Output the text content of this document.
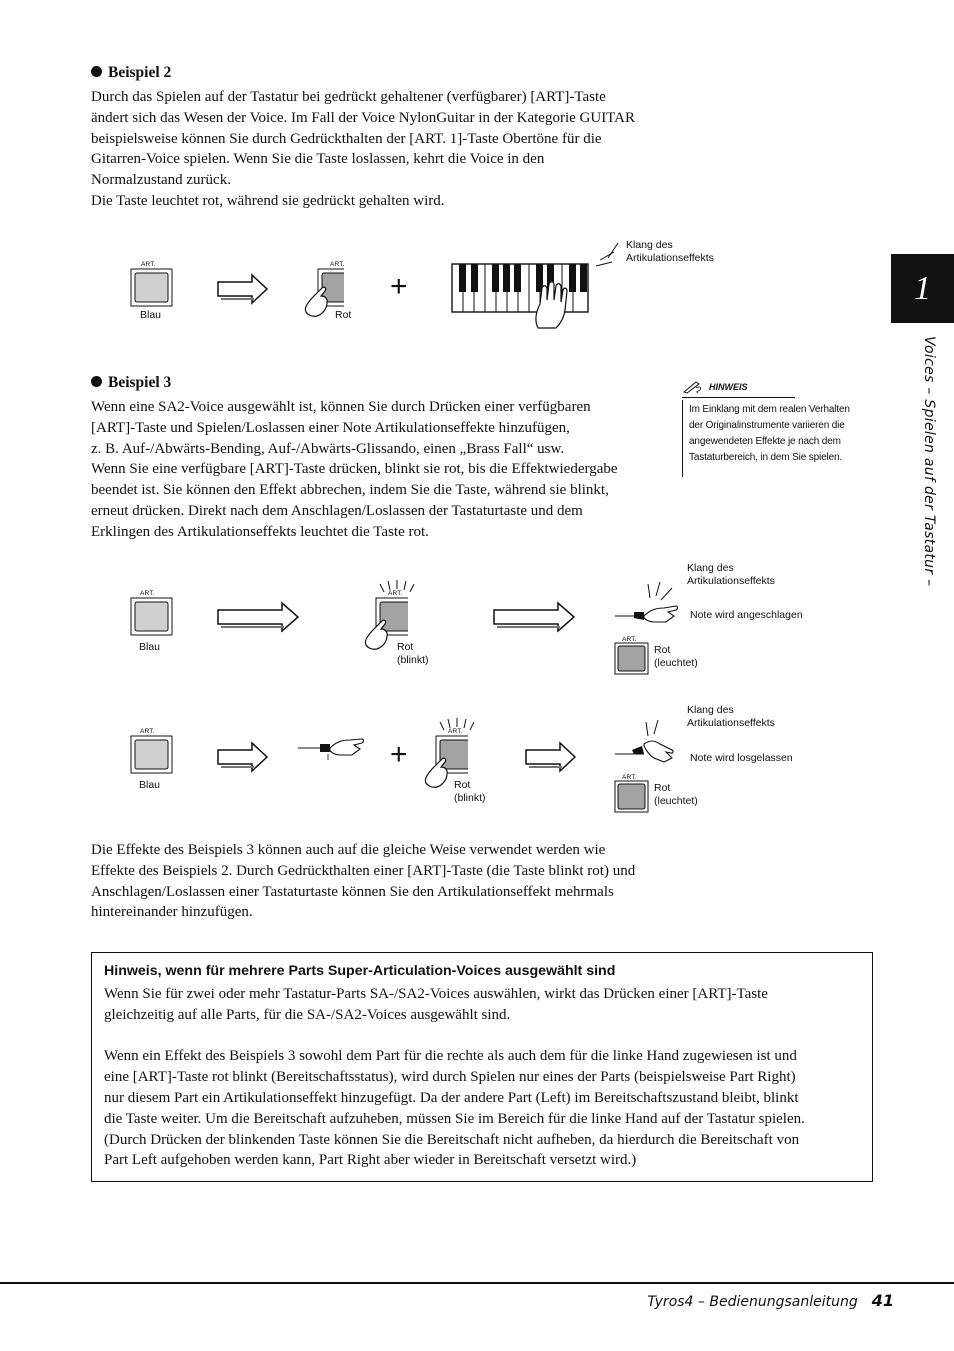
1
Voices – Spielen auf der Tastatur –
Beispiel 2
Durch das Spielen auf der Tastatur bei gedrückt gehaltener (verfügbarer) [ART]-Taste
ändert sich das Wesen der Voice. Im Fall der Voice NylonGuitar in der Kategorie GUITAR
beispielsweise können Sie durch Gedrückthalten der [ART. 1]-Taste Obertöne für die
Gitarren-Voice spielen. Wenn Sie die Taste loslassen, kehrt die Voice in den
Normalzustand zurück.
Die Taste leuchtet rot, während sie gedrückt gehalten wird.
ART.
Blau
ART.
Rot
+
Klang des
Artikulationseffekts
Beispiel 3
Wenn eine SA2-Voice ausgewählt ist, können Sie durch Drücken einer verfügbaren
[ART]-Taste und Spielen/Loslassen einer Note Artikulationseffekte hinzufügen,
z. B. Auf-/Abwärts-Bending, Auf-/Abwärts-Glissando, einen „Brass Fall“ usw.
Wenn Sie eine verfügbare [ART]-Taste drücken, blinkt sie rot, bis die Effektwiedergabe
beendet ist. Sie können den Effekt abbrechen, indem Sie die Taste, während sie blinkt,
erneut drücken. Direkt nach dem Anschlagen/Loslassen der Tastaturtaste und dem
Erklingen des Artikulationseffekts leuchtet die Taste rot.
HINWEIS
Im Einklang mit dem realen Verhalten
der Originalinstrumente variieren die
angewendeten Effekte je nach dem
Tastaturbereich, in dem Sie spielen.
ART.
Blau
ART.
Rot
(blinkt)
Klang des
Artikulationseffekts
Note wird angeschlagen
ART.
Rot
(leuchtet)
ART.
Blau
+
ART.
Rot
(blinkt)
Klang des
Artikulationseffekts
Note wird losgelassen
ART.
Rot
(leuchtet)
Die Effekte des Beispiels 3 können auch auf die gleiche Weise verwendet werden wie
Effekte des Beispiels 2. Durch Gedrückthalten einer [ART]-Taste (die Taste blinkt rot) und
Anschlagen/Loslassen einer Tastaturtaste können Sie den Artikulationseffekt mehrmals
hintereinander hinzufügen.
Hinweis, wenn für mehrere Parts Super-Articulation-Voices ausgewählt sind
Wenn Sie für zwei oder mehr Tastatur-Parts SA-/SA2-Voices auswählen, wirkt das Drücken einer [ART]-Taste
gleichzeitig auf alle Parts, für die SA-/SA2-Voices ausgewählt sind.
Wenn ein Effekt des Beispiels 3 sowohl dem Part für die rechte als auch dem für die linke Hand zugewiesen ist und
eine [ART]-Taste rot blinkt (Bereitschaftsstatus), wird durch Spielen nur eines der Parts (beispielsweise Part Right)
nur diesem Part ein Artikulationseffekt hinzugefügt. Da der andere Part (Left) im Bereitschaftszustand bleibt, blinkt
die Taste weiter. Um die Bereitschaft aufzuheben, müssen Sie im Bereich für die linke Hand auf der Tastatur spielen.
(Durch Drücken der blinkenden Taste können Sie die Bereitschaft nicht aufheben, da hierdurch die Bereitschaft von
Part Left aufgehoben werden kann, Part Right aber wieder in Bereitschaft versetzt wird.)
Tyros4 – Bedienungsanleitung 41
